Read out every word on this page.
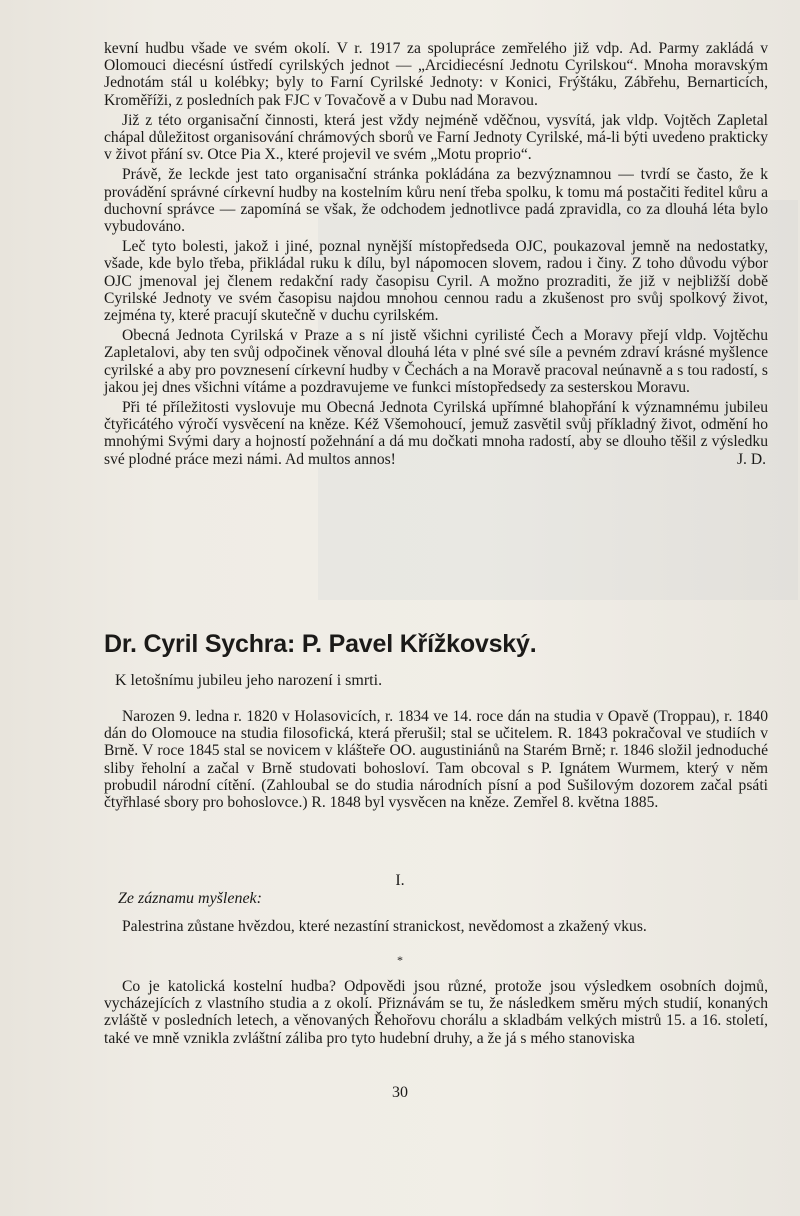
kevní hudbu všade ve svém okolí. V r. 1917 za spolupráce zemřelého již vdp. Ad. Parmy zakládá v Olomouci diecésní ústředí cyrilských jednot — „Arcidiecésní Jednotu Cyrilskou“. Mnoha moravským Jednotám stál u kolébky; byly to Farní Cyrilské Jednoty: v Konici, Frýštáku, Zábřehu, Bernarticích, Kroměříži, z posledních pak FJC v Tovačově a v Dubu nad Moravou.

Již z této organisační činnosti, která jest vždy nejméně vděčnou, vysvítá, jak vldp. Vojtěch Zapletal chápal důležitost organisování chrámových sborů ve Farní Jednoty Cyrilské, má-li býti uvedeno prakticky v život přání sv. Otce Pia X., které projevil ve svém „Motu proprio“.

Právě, že leckde jest tato organisační stránka pokládána za bezvýznamnou — tvrdí se často, že k provádění správné církevní hudby na kostelním kůru není třeba spolku, k tomu má postačiti ředitel kůru a duchovní správce — zapomíná se však, že odchodem jednotlivce padá zpravidla, co za dlouhá léta bylo vybudováno.

Leč tyto bolesti, jakož i jiné, poznal nynější místopředseda OJC, poukazoval jemně na nedostatky, všade, kde bylo třeba, přikládal ruku k dílu, byl nápomocen slovem, radou i činy. Z toho důvodu výbor OJC jmenoval jej členem redakční rady časopisu Cyril. A možno prozraditi, že již v nejbližší době Cyrilské Jednoty ve svém časopisu najdou mnohou cennou radu a zkušenost pro svůj spolkový život, zejména ty, které pracují skutečně v duchu cyrilském.

Obecná Jednota Cyrilská v Praze a s ní jistě všichni cyrilisté Čech a Moravy přejí vldp. Vojtěchu Zapletalovi, aby ten svůj odpočinek věnoval dlouhá léta v plné své síle a pevném zdraví krásné myšlence cyrilské a aby pro povznesení církevní hudby v Čechách a na Moravě pracoval neúnavně a s tou radostí, s jakou jej dnes všichni vítáme a pozdravujeme ve funkci místopředsedy za sesterskou Moravu.

Při té příležitosti vyslovuje mu Obecná Jednota Cyrilská upřímné blahopřání k významnému jubileu čtyřicátého výročí vysvěcení na kněze. Kéž Všemohoucí, jemuž zasvětil svůj příkladný život, odmění ho mnohými Svými dary a hojností požehnání a dá mu dočkati mnoha radostí, aby se dlouho těšil z výsledku své plodné práce mezi námi. Ad multos annos!	J. D.
Dr. Cyril Sychra: P. Pavel Křížkovský.
K letošnímu jubileu jeho narození i smrti.

Narozen 9. ledna r. 1820 v Holasovicích, r. 1834 ve 14. roce dán na studia v Opavě (Troppau), r. 1840 dán do Olomouce na studia filosofická, která přerušil; stal se učitelem. R. 1843 pokračoval ve studiích v Brně. V roce 1845 stal se novicem v klášteře OO. augustiniánů na Starém Brně; r. 1846 složil jednoduché sliby řeholní a začal v Brně studovati bohosloví. Tam obcoval s P. Ignátem Wurmem, který v něm probudil národní cítění. (Zahloubal se do studia národních písní a pod Sušilovým dozorem začal psáti čtyřhlasé sbory pro bohoslovce.) R. 1848 byl vysvěcen na kněze. Zemřel 8. května 1885.

I.
Ze záznamu myšlenek:

Palestrina zůstane hvězdou, které nezastíní stranickost, nevědomost a zkažený vkus.

*

Co je katolická kostelní hudba? Odpovědi jsou různé, protože jsou výsledkem osobních dojmů, vycházejících z vlastního studia a z okolí. Přiznávám se tu, že následkem směru mých studií, konaných zvláště v posledních letech, a věnovaných Řehořovu chorálu a skladbám velkých mistrů 15. a 16. století, také ve mně vznikla zvláštní záliba pro tyto hudební druhy, a že já s mého stanoviska

30
